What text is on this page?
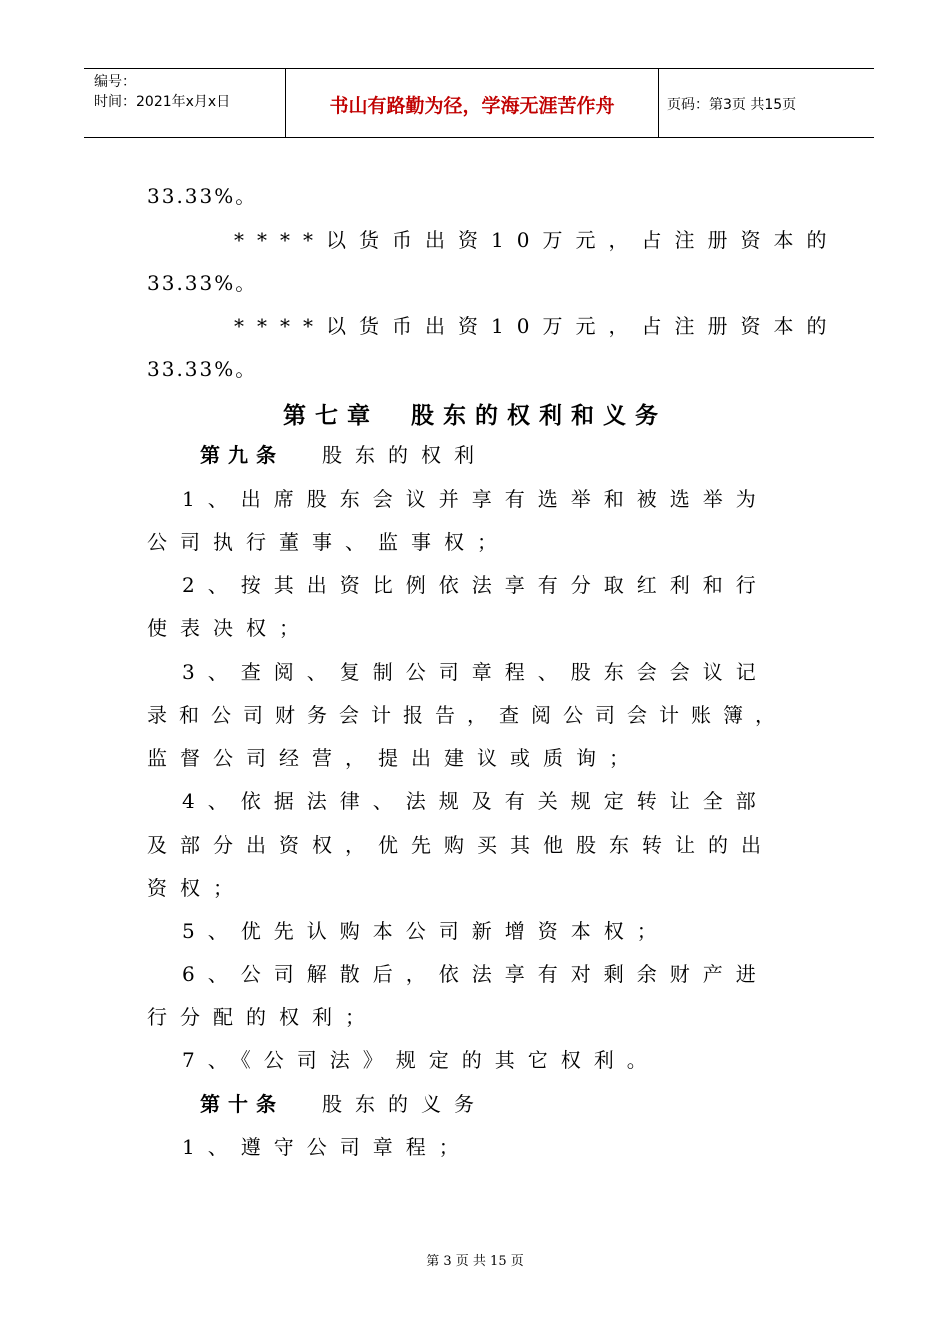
编号：
时间：2021年x月x日	书山有路勤为径，学海无涯苦作舟	页码：第3页 共15页
33.33%。
****以货币出资10万元，占注册资本的
33.33%。
****以货币出资10万元，占注册资本的
33.33%。
第七章　股东的权利和义务
第九条 股东的权利
1、出席股东会议并享有选举和被选举为
公司执行董事、监事权；
2、按其出资比例依法享有分取红利和行
使表决权；
3、查阅、复制公司章程、股东会会议记
录和公司财务会计报告，查阅公司会计账簿，
监督公司经营，提出建议或质询；
4、依据法律、法规及有关规定转让全部
及部分出资权，优先购买其他股东转让的出
资权；
5、优先认购本公司新增资本权；
6、公司解散后，依法享有对剩余财产进
行分配的权利；
7、《公司法》规定的其它权利。
第十条 股东的义务
1、遵守公司章程；
第 3 页 共 15 页
